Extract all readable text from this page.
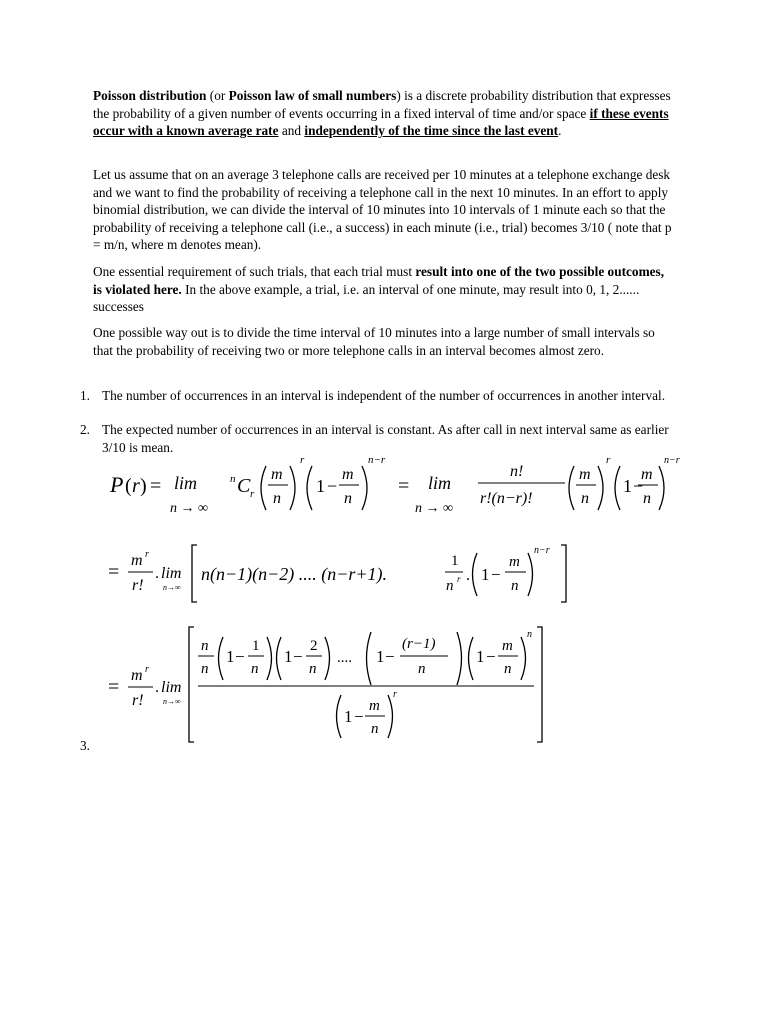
Poisson distribution (or Poisson law of small numbers) is a discrete probability distribution that expresses the probability of a given number of events occurring in a fixed interval of time and/or space if these events occur with a known average rate and independently of the time since the last event.

Let us assume that on an average 3 telephone calls are received per 10 minutes at a telephone exchange desk and we want to find the probability of receiving a telephone call in the next 10 minutes. In an effort to apply binomial distribution, we can divide the interval of 10 minutes into 10 intervals of 1 minute each so that the probability of receiving a telephone call (i.e., a success) in each minute (i.e., trial) becomes 3/10 ( note that p = m/n, where m denotes mean).

One essential requirement of such trials, that each trial must result into one of the two possible outcomes, is violated here. In the above example, a trial, i.e. an interval of one minute, may result into 0, 1, 2...... successes

One possible way out is to divide the time interval of 10 minutes into a large number of small intervals so that the probability of receiving two or more telephone calls in an interval becomes almost zero.

1. The number of occurrences in an interval is independent of the number of occurrences in another interval.
2. The expected number of occurrences in an interval is constant. As after call in next interval same as earlier 3/10 is mean.
3.
P ( r ) = lim
n → ∞
n C r
m
n
r
1 −
m
n
n−r
= lim
n → ∞
n!
r!(n−r)!
m
n
r
1 −
m
n
n−r
=
m r
r!
. lim
n→∞
n(n−1)(n−2) .... (n−r+1).
1
n r . 1 −
m
n
n−r
=
m r
r!
. lim
n→∞
n
n
1 −
1
n
1 −
2
n
.... 1 −
(r−1)
n
1 −
m
n
n
1 −
m
n
r
